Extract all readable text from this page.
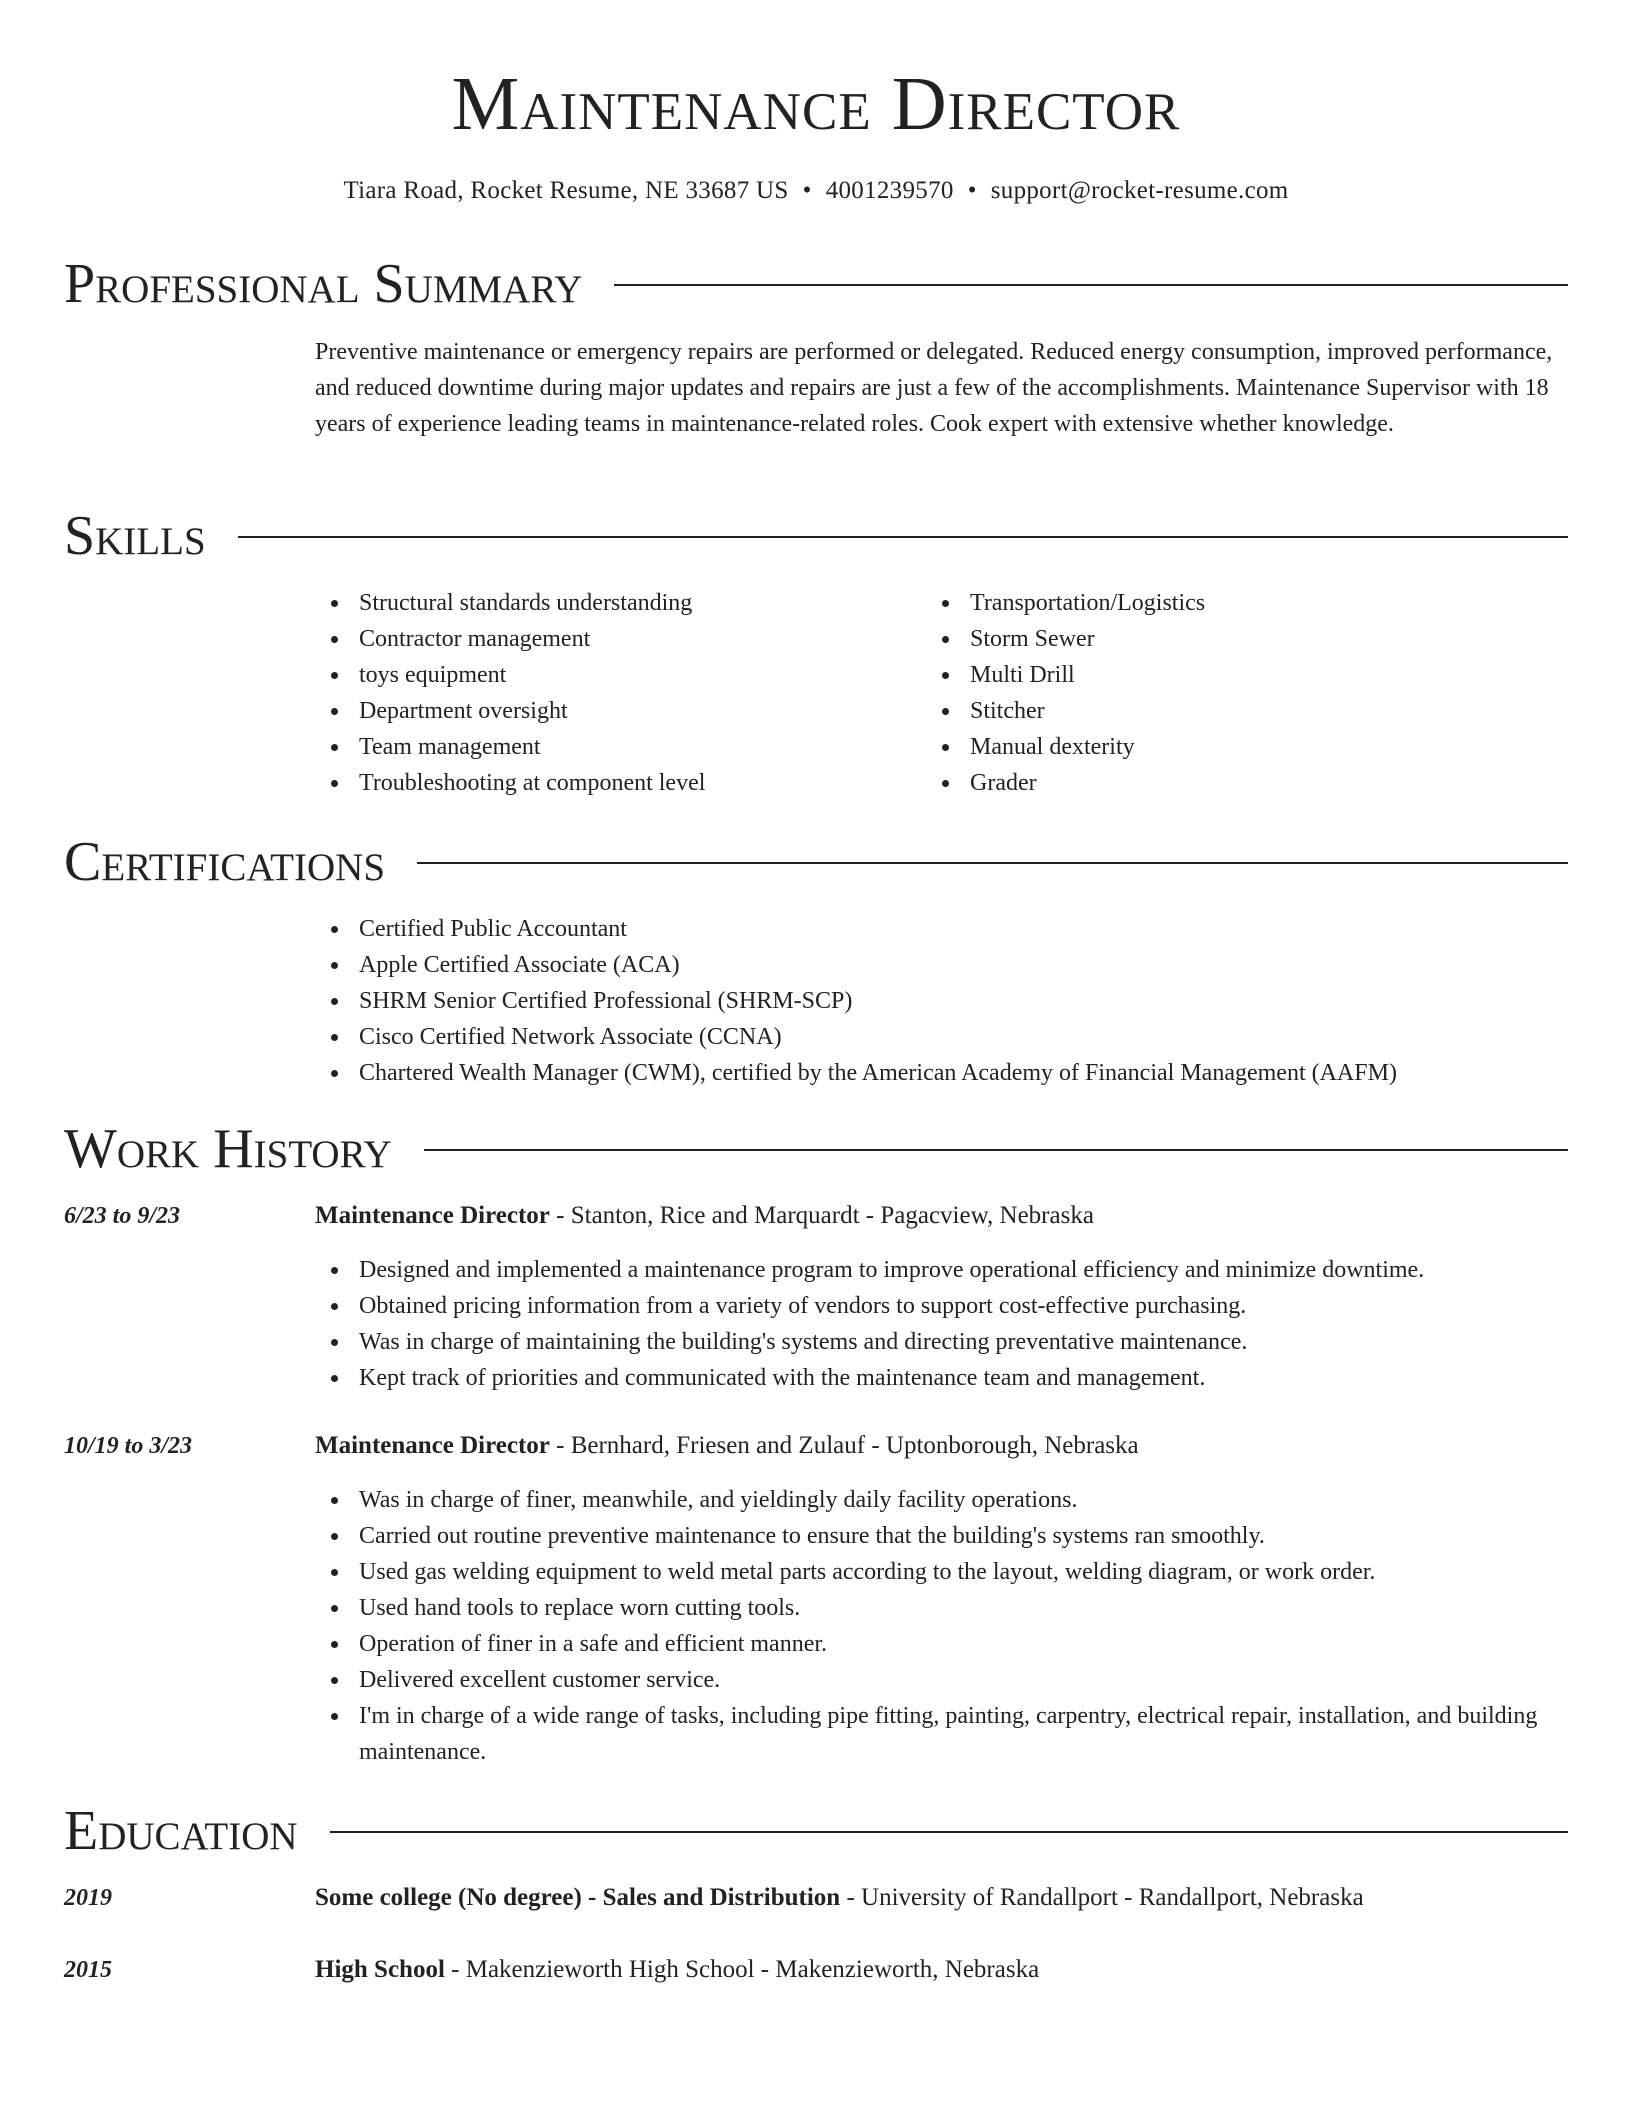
Maintenance Director
Tiara Road, Rocket Resume, NE 33687 US • 4001239570 • support@rocket-resume.com
Professional Summary
Preventive maintenance or emergency repairs are performed or delegated. Reduced energy consumption, improved performance, and reduced downtime during major updates and repairs are just a few of the accomplishments. Maintenance Supervisor with 18 years of experience leading teams in maintenance-related roles. Cook expert with extensive whether knowledge.
Skills
Structural standards understanding
Contractor management
toys equipment
Department oversight
Team management
Troubleshooting at component level
Transportation/Logistics
Storm Sewer
Multi Drill
Stitcher
Manual dexterity
Grader
Certifications
Certified Public Accountant
Apple Certified Associate (ACA)
SHRM Senior Certified Professional (SHRM-SCP)
Cisco Certified Network Associate (CCNA)
Chartered Wealth Manager (CWM), certified by the American Academy of Financial Management (AAFM)
Work History
6/23 to 9/23	Maintenance Director - Stanton, Rice and Marquardt - Pagacview, Nebraska
Designed and implemented a maintenance program to improve operational efficiency and minimize downtime.
Obtained pricing information from a variety of vendors to support cost-effective purchasing.
Was in charge of maintaining the building's systems and directing preventative maintenance.
Kept track of priorities and communicated with the maintenance team and management.
10/19 to 3/23	Maintenance Director - Bernhard, Friesen and Zulauf - Uptonborough, Nebraska
Was in charge of finer, meanwhile, and yieldingly daily facility operations.
Carried out routine preventive maintenance to ensure that the building's systems ran smoothly.
Used gas welding equipment to weld metal parts according to the layout, welding diagram, or work order.
Used hand tools to replace worn cutting tools.
Operation of finer in a safe and efficient manner.
Delivered excellent customer service.
I'm in charge of a wide range of tasks, including pipe fitting, painting, carpentry, electrical repair, installation, and building maintenance.
Education
2019	Some college (No degree) - Sales and Distribution - University of Randallport - Randallport, Nebraska
2015	High School - Makenzieworth High School - Makenzieworth, Nebraska
